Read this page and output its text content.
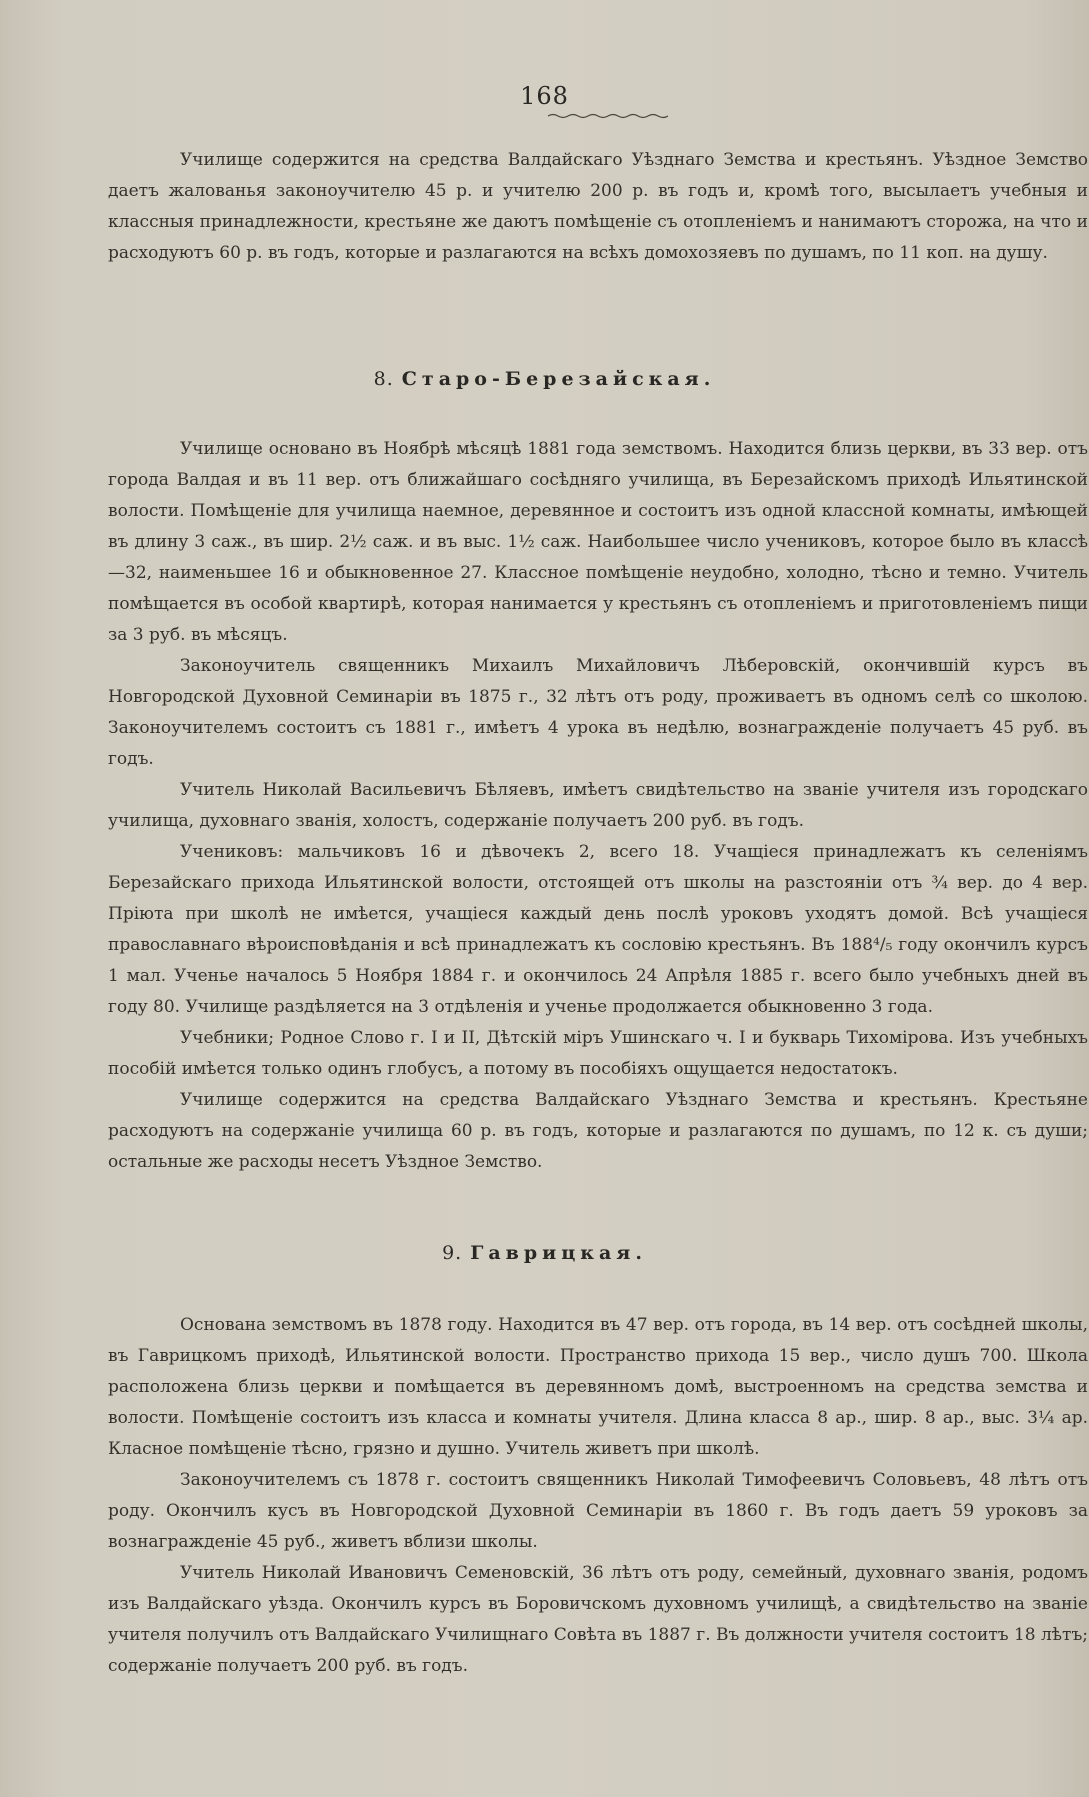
168

Училище содержится на средства Валдайскаго Уѣзднаго Земства и крестьянъ. Уѣздное Земство даетъ жалованья законоучителю 45 р. и учителю 200 р. въ годъ и, кромѣ того, высылаетъ учебныя и классныя принадлежности, крестьяне же даютъ помѣщеніе съ отопленіемъ и нанимаютъ сторожа, на что и расходуютъ 60 р. въ годъ, которые и разлагаются на всѣхъ домохозяевъ по душамъ, по 11 коп. на душу.

8. Старо-Березайская.

Училище основано въ Ноябрѣ мѣсяцѣ 1881 года земствомъ. Находится близь церкви, въ 33 вер. отъ города Валдая и въ 11 вер. отъ ближайшаго сосѣдняго училища, въ Березайскомъ приходѣ Ильятинской волости. Помѣщеніе для училища наемное, деревянное и состоитъ изъ одной классной комнаты, имѣющей въ длину 3 саж., въ шир. 2½ саж. и въ выс. 1½ саж. Наибольшее число учениковъ, которое было въ классѣ—32, наименьшее 16 и обыкновенное 27. Классное помѣщеніе неудобно, холодно, тѣсно и темно. Учитель помѣщается въ особой квартирѣ, которая нанимается у крестьянъ съ отопленіемъ и приготовленіемъ пищи за 3 руб. въ мѣсяцъ.

Законоучитель священникъ Михаилъ Михайловичъ Лѣберовскій, окончившій курсъ въ Новгородской Духовной Семинаріи въ 1875 г., 32 лѣтъ отъ роду, проживаетъ въ одномъ селѣ со школою. Законоучителемъ состоитъ съ 1881 г., имѣетъ 4 урока въ недѣлю, вознагражденіе получаетъ 45 руб. въ годъ.

Учитель Николай Васильевичъ Бѣляевъ, имѣетъ свидѣтельство на званіе учителя изъ городскаго училища, духовнаго званія, холостъ, содержаніе получаетъ 200 руб. въ годъ.

Учениковъ: мальчиковъ 16 и дѣвочекъ 2, всего 18. Учащіеся принадлежатъ къ селеніямъ Березайскаго прихода Ильятинской волости, отстоящей отъ школы на разстояніи отъ ¾ вер. до 4 вер. Пріюта при школѣ не имѣется, учащіеся каждый день послѣ уроковъ уходятъ домой. Всѣ учащіеся православнаго вѣроисповѣданія и всѣ принадлежатъ къ сословію крестьянъ. Въ 188⁴/₅ году окончилъ курсъ 1 мал. Ученье началось 5 Ноября 1884 г. и окончилось 24 Апрѣля 1885 г. всего было учебныхъ дней въ году 80. Училище раздѣляется на 3 отдѣленія и ученье продолжается обыкновенно 3 года.

Учебники; Родное Слово г. I и II, Дѣтскій міръ Ушинскаго ч. I и букварь Тихомірова. Изъ учебныхъ пособій имѣется только одинъ глобусъ, а потому въ пособіяхъ ощущается недостатокъ.

Училище содержится на средства Валдайскаго Уѣзднаго Земства и крестьянъ. Крестьяне расходуютъ на содержаніе училища 60 р. въ годъ, которые и разлагаются по душамъ, по 12 к. съ души; остальные же расходы несетъ Уѣздное Земство.

9. Гаврицкая.

Основана земствомъ въ 1878 году. Находится въ 47 вер. отъ города, въ 14 вер. отъ сосѣдней школы, въ Гаврицкомъ приходѣ, Ильятинской волости. Пространство прихода 15 вер., число душъ 700. Школа расположена близь церкви и помѣщается въ деревянномъ домѣ, выстроенномъ на средства земства и волости. Помѣщеніе состоитъ изъ класса и комнаты учителя. Длина класса 8 ар., шир. 8 ар., выс. 3¼ ар. Класное помѣщеніе тѣсно, грязно и душно. Учитель живетъ при школѣ.

Законоучителемъ съ 1878 г. состоитъ священникъ Николай Тимофеевичъ Соловьевъ, 48 лѣтъ отъ роду. Окончилъ кусъ въ Новгородской Духовной Семинаріи въ 1860 г. Въ годъ даетъ 59 уроковъ за вознагражденіе 45 руб., живетъ вблизи школы.

Учитель Николай Ивановичъ Семеновскій, 36 лѣтъ отъ роду, семейный, духовнаго званія, родомъ изъ Валдайскаго уѣзда. Окончилъ курсъ въ Боровичскомъ духовномъ училищѣ, а свидѣтельство на званіе учителя получилъ отъ Валдайскаго Училищнаго Совѣта въ 1887 г. Въ должности учителя состоитъ 18 лѣтъ; содержаніе получаетъ 200 руб. въ годъ.
